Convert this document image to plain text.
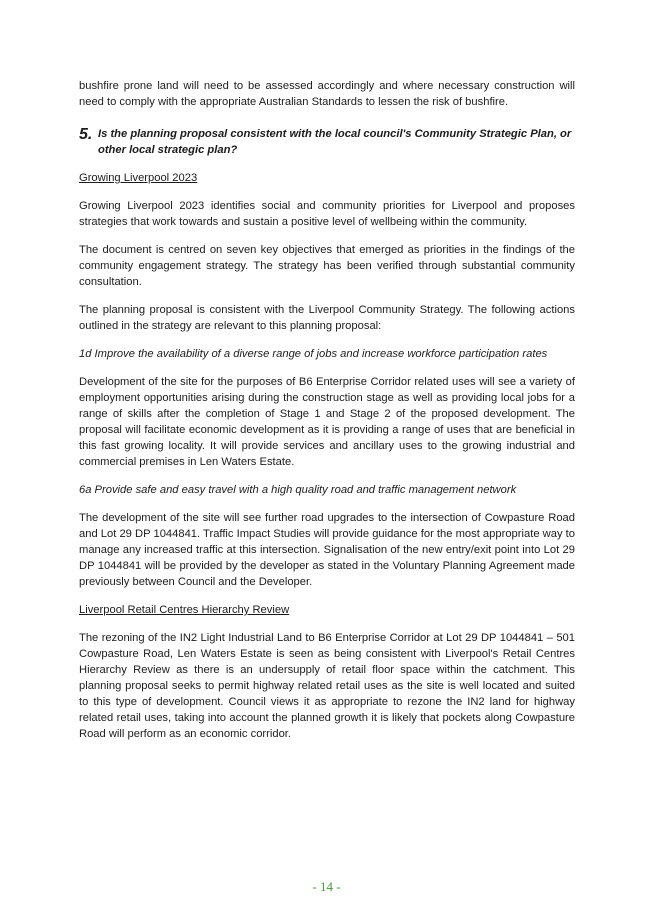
bushfire prone land will need to be assessed accordingly and where necessary construction will need to comply with the appropriate Australian Standards to lessen the risk of bushfire.

5. Is the planning proposal consistent with the local council's Community Strategic Plan, or other local strategic plan?

Growing Liverpool 2023

Growing Liverpool 2023 identifies social and community priorities for Liverpool and proposes strategies that work towards and sustain a positive level of wellbeing within the community.

The document is centred on seven key objectives that emerged as priorities in the findings of the community engagement strategy. The strategy has been verified through substantial community consultation.

The planning proposal is consistent with the Liverpool Community Strategy. The following actions outlined in the strategy are relevant to this planning proposal:

1d Improve the availability of a diverse range of jobs and increase workforce participation rates

Development of the site for the purposes of B6 Enterprise Corridor related uses will see a variety of employment opportunities arising during the construction stage as well as providing local jobs for a range of skills after the completion of Stage 1 and Stage 2 of the proposed development. The proposal will facilitate economic development as it is providing a range of uses that are beneficial in this fast growing locality. It will provide services and ancillary uses to the growing industrial and commercial premises in Len Waters Estate.

6a Provide safe and easy travel with a high quality road and traffic management network

The development of the site will see further road upgrades to the intersection of Cowpasture Road and Lot 29 DP 1044841. Traffic Impact Studies will provide guidance for the most appropriate way to manage any increased traffic at this intersection. Signalisation of the new entry/exit point into Lot 29 DP 1044841 will be provided by the developer as stated in the Voluntary Planning Agreement made previously between Council and the Developer.

Liverpool Retail Centres Hierarchy Review

The rezoning of the IN2 Light Industrial Land to B6 Enterprise Corridor at Lot 29 DP 1044841 – 501 Cowpasture Road, Len Waters Estate is seen as being consistent with Liverpool's Retail Centres Hierarchy Review as there is an undersupply of retail floor space within the catchment. This planning proposal seeks to permit highway related retail uses as the site is well located and suited to this type of development. Council views it as appropriate to rezone the IN2 land for highway related retail uses, taking into account the planned growth it is likely that pockets along Cowpasture Road will perform as an economic corridor.

- 14 -
